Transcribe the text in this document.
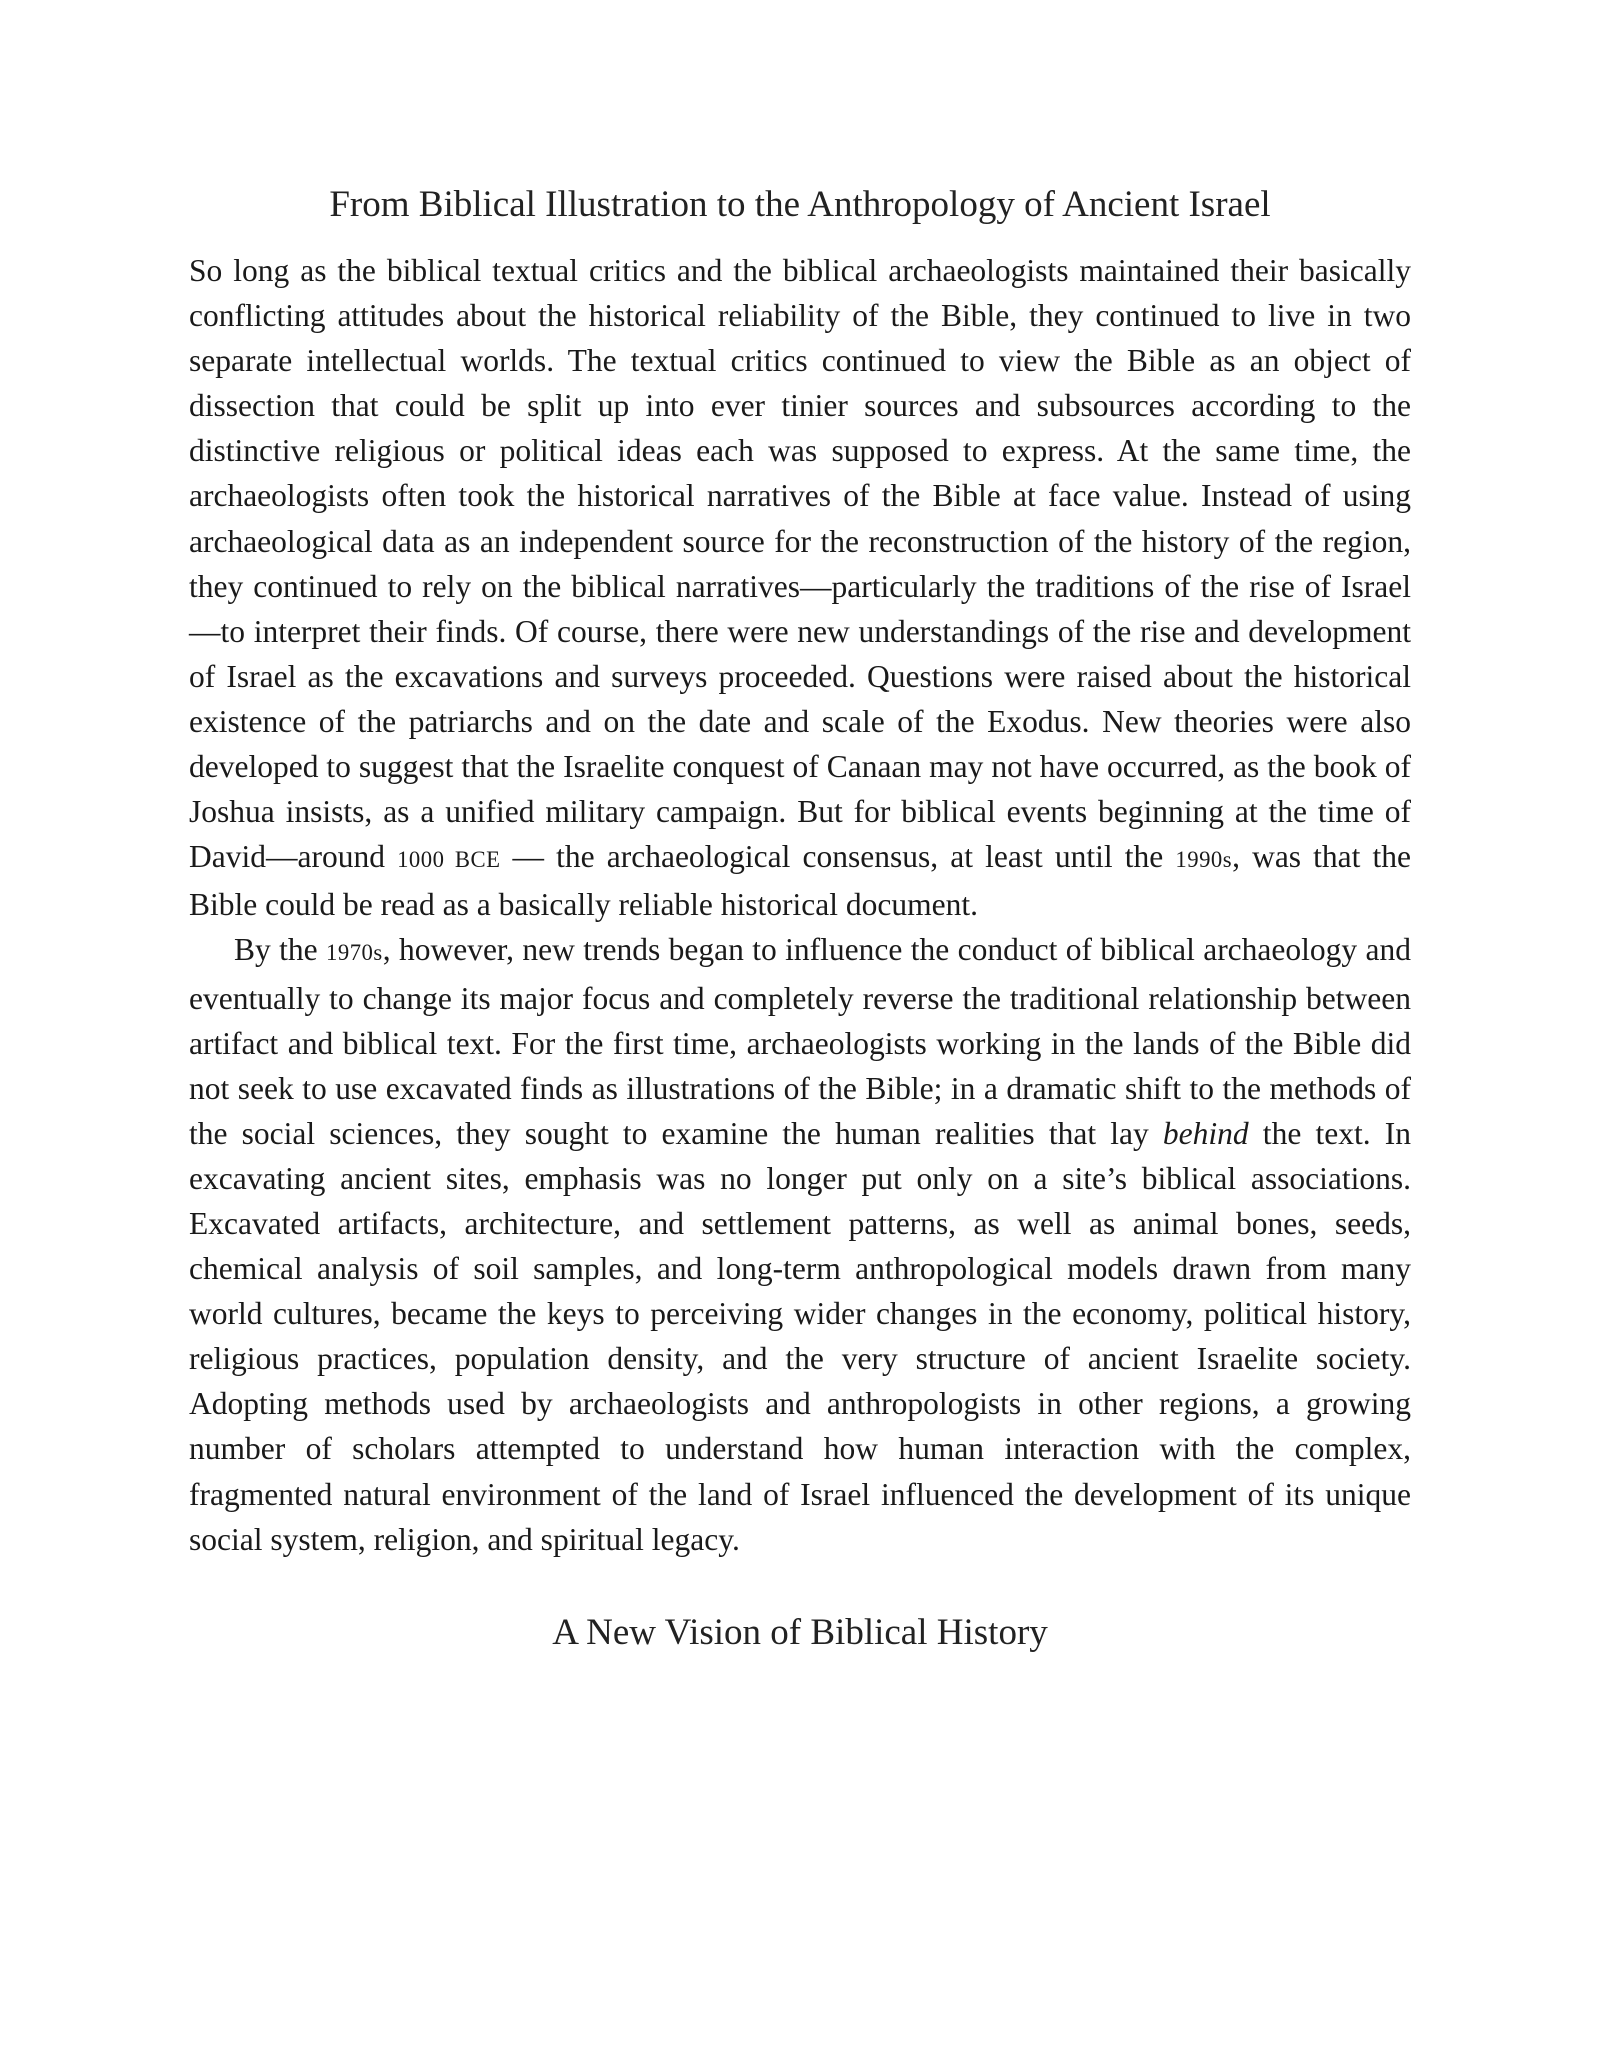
From Biblical Illustration to the Anthropology of Ancient Israel

So long as the biblical textual critics and the biblical archaeologists maintained their basically conflicting attitudes about the historical reliability of the Bible, they continued to live in two separate intellectual worlds. The textual critics continued to view the Bible as an object of dissection that could be split up into ever tinier sources and subsources according to the distinctive religious or political ideas each was supposed to express. At the same time, the archaeologists often took the historical narratives of the Bible at face value. Instead of using archaeological data as an independent source for the reconstruction of the history of the region, they continued to rely on the biblical narratives—particularly the traditions of the rise of Israel—to interpret their finds. Of course, there were new understandings of the rise and development of Israel as the excavations and surveys proceeded. Questions were raised about the historical existence of the patriarchs and on the date and scale of the Exodus. New theories were also developed to suggest that the Israelite conquest of Canaan may not have occurred, as the book of Joshua insists, as a unified military campaign. But for biblical events beginning at the time of David—around 1000 BCE — the archaeological consensus, at least until the 1990s, was that the Bible could be read as a basically reliable historical document.

By the 1970s, however, new trends began to influence the conduct of biblical archaeology and eventually to change its major focus and completely reverse the traditional relationship between artifact and biblical text. For the first time, archaeologists working in the lands of the Bible did not seek to use excavated finds as illustrations of the Bible; in a dramatic shift to the methods of the social sciences, they sought to examine the human realities that lay behind the text. In excavating ancient sites, emphasis was no longer put only on a site’s biblical associations. Excavated artifacts, architecture, and settlement patterns, as well as animal bones, seeds, chemical analysis of soil samples, and long-term anthropological models drawn from many world cultures, became the keys to perceiving wider changes in the economy, political history, religious practices, population density, and the very structure of ancient Israelite society. Adopting methods used by archaeologists and anthropologists in other regions, a growing number of scholars attempted to understand how human interaction with the complex, fragmented natural environment of the land of Israel influenced the development of its unique social system, religion, and spiritual legacy.

A New Vision of Biblical History
